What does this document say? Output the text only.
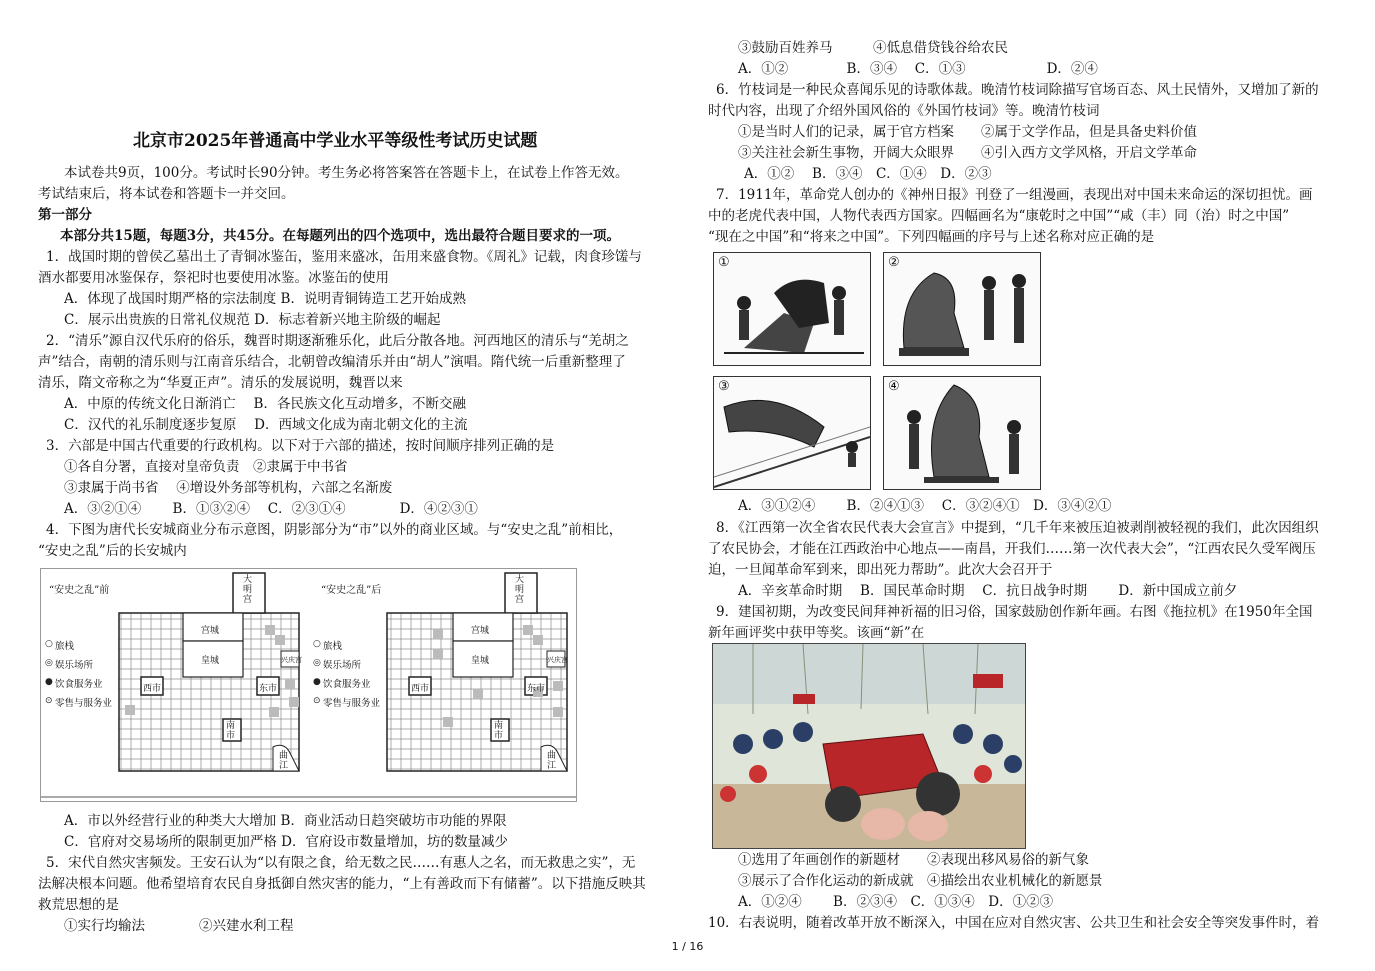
北京市2025年普通高中学业水平等级性考试历史试题
本试卷共9页，100分。考试时长90分钟。考生务必将答案答在答题卡上，在试卷上作答无效。
考试结束后，将本试卷和答题卡一并交回。
第一部分
本部分共15题，每题3分，共45分。在每题列出的四个选项中，选出最符合题目要求的一项。
1．战国时期的曾侯乙墓出土了青铜冰鉴缶，鉴用来盛冰，缶用来盛食物。《周礼》记载，肉食珍馐与
酒水都要用冰鉴保存，祭祀时也要使用冰鉴。冰鉴缶的使用
A．体现了战国时期严格的宗法制度 B．说明青铜铸造工艺开始成熟
C．展示出贵族的日常礼仪规范 D．标志着新兴地主阶级的崛起
2．“清乐”源自汉代乐府的俗乐，魏晋时期逐渐雅乐化，此后分散各地。河西地区的清乐与“羌胡之
声”结合，南朝的清乐则与江南音乐结合，北朝曾改编清乐并由“胡人”演唱。隋代统一后重新整理了
清乐，隋文帝称之为“华夏正声”。清乐的发展说明，魏晋以来
A．中原的传统文化日渐消亡　 B．各民族文化互动增多，不断交融
C．汉代的礼乐制度逐步复原　 D．西域文化成为南北朝文化的主流
3．六部是中国古代重要的行政机构。以下对于六部的描述，按时间顺序排列正确的是
①各自分署，直接对皇帝负责　②隶属于中书省
③隶属于尚书省　 ④增设外务部等机构，六部之名渐废
A．③②①④　　 B．①③②④　 C．②③①④　　　　D．④②③①
4．下图为唐代长安城商业分布示意图，阴影部分为“市”以外的商业区域。与“安史之乱”前相比，
“安史之乱”后的长安城内
A．市以外经营行业的种类大大增加 B．商业活动日趋突破坊市功能的界限
C．官府对交易场所的限制更加严格 D．官府设市数量增加，坊的数量减少
5．宋代自然灾害频发。王安石认为“以有限之食，给无数之民……有惠人之名，而无救患之实”，无
法解决根本问题。他希望培育农民自身抵御自然灾害的能力，“上有善政而下有储蓄”。以下措施反映其
救荒思想的是
①实行均输法　　　　②兴建水利工程
○
◎
●
⊙
○
◎
●
⊙
“安史之乱”前	“安史之乱”后
旅栈
娱乐场所
饮食服务业
零售与服务业
旅栈
娱乐场所
饮食服务业
零售与服务业
大明宫
大明宫
宫城	宫城
皇城	皇城
西市	西市
东市	东市
南市
南市
曲江
曲江
兴庆宫	兴庆宫
③鼓励百姓养马　　　④低息借贷钱谷给农民
A．①②　　　　 B．③④　 C．①③　　　　　　D．②④
6．竹枝词是一种民众喜闻乐见的诗歌体裁。晚清竹枝词除描写官场百态、风土民情外，又增加了新的
时代内容，出现了介绍外国风俗的《外国竹枝词》等。晚清竹枝词
①是当时人们的记录，属于官方档案　　②属于文学作品，但是具备史料价值
③关注社会新生事物，开阔大众眼界　　④引入西方文学风格，开启文学革命
A．①②　 B．③④　C．①④　D．②③
7．1911年，革命党人创办的《神州日报》刊登了一组漫画，表现出对中国未来命运的深切担忧。画
中的老虎代表中国，人物代表西方国家。四幅画名为“康乾时之中国”“咸（丰）同（治）时之中国”
“现在之中国”和“将来之中国”。下列四幅画的序号与上述名称对应正确的是
A．③①②④　　 B．②④①③　 C．③②④①　D．③④②①
8．《江西第一次全省农民代表大会宣言》中提到，“几千年来被压迫被剥削被轻视的我们，此次因组织
了农民协会，才能在江西政治中心地点——南昌，开我们……第一次代表大会”，“江西农民久受军阀压
迫，一旦闻革命军到来，即出死力帮助”。此次大会召开于
A．辛亥革命时期　 B．国民革命时期　 C．抗日战争时期　　 D．新中国成立前夕
9．建国初期，为改变民间拜神祈福的旧习俗，国家鼓励创作新年画。右图《拖拉机》在1950年全国
新年画评奖中获甲等奖。该画“新”在
①选用了年画创作的新题材　　②表现出移风易俗的新气象
③展示了合作化运动的新成就　④描绘出农业机械化的新愿景
A．①②④　　 B．②③④　C．①③④　D．①②③
10．右表说明，随着改革开放不断深入，中国在应对自然灾害、公共卫生和社会安全等突发事件时，着
①	②
③	④
1 / 16
